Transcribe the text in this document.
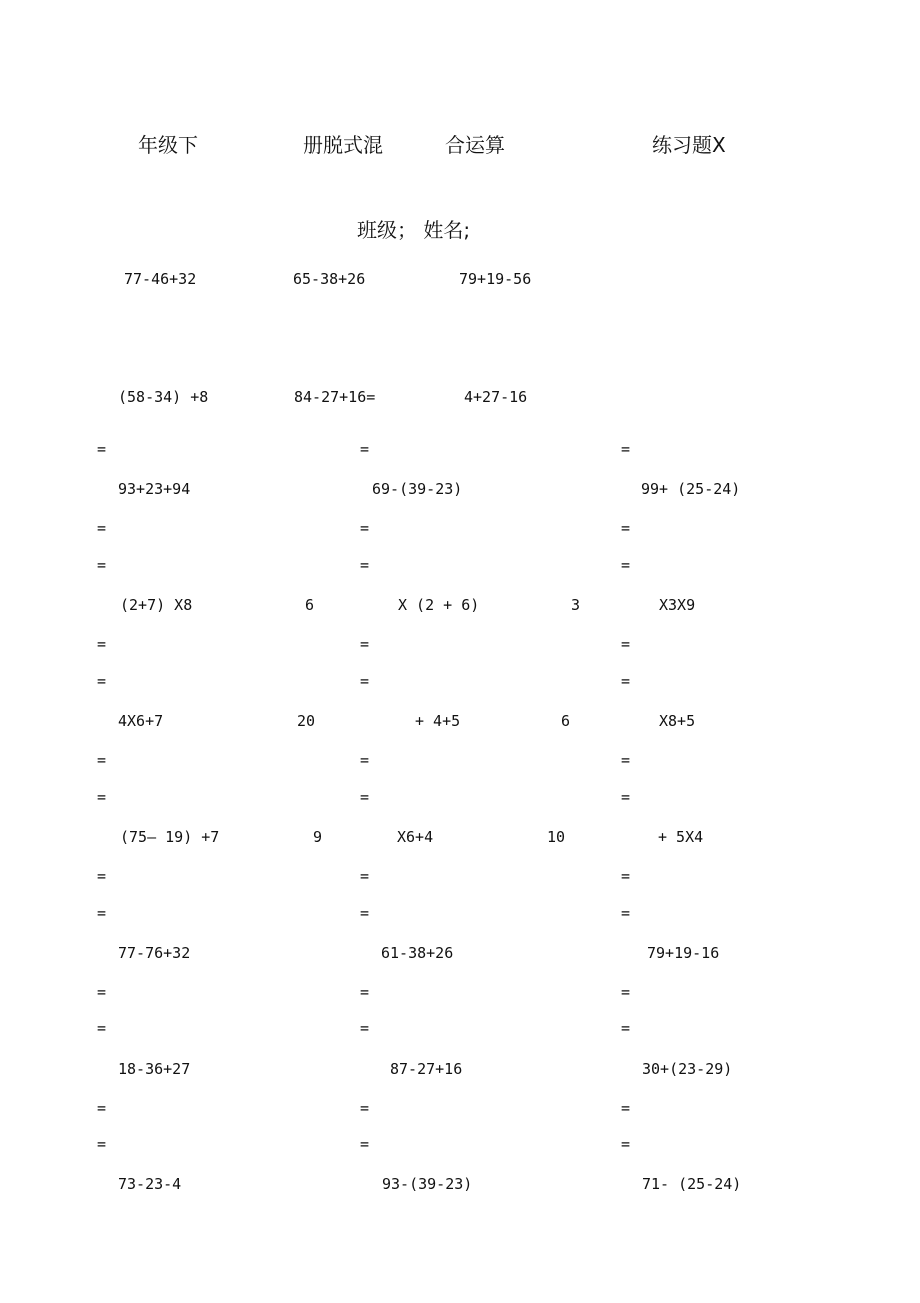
年级下	册脱式混	合运算	练习题X
班级； 姓名;
77-46+32	65-38+26	79+19-56
(58-34) +8	84-27+16=	4+27-16
=	=	=
93+23+94	69-(39-23)	99+ (25-24)
=	=	=
=	=	=
(2+7) X8	6	X (2 + 6)	3	X3X9
=	=	=
=	=	=
4X6+7	20	+ 4+5	6	X8+5
=	=	=
=	=	=
(75— 19) +7	9	X6+4	10	+ 5X4
=	=	=
=	=	=
77-76+32	61-38+26	79+19-16
=	=	=
=	=	=
18-36+27	87-27+16	30+(23-29)
=	=	=
=	=	=
73-23-4	93-(39-23)	71- (25-24)
